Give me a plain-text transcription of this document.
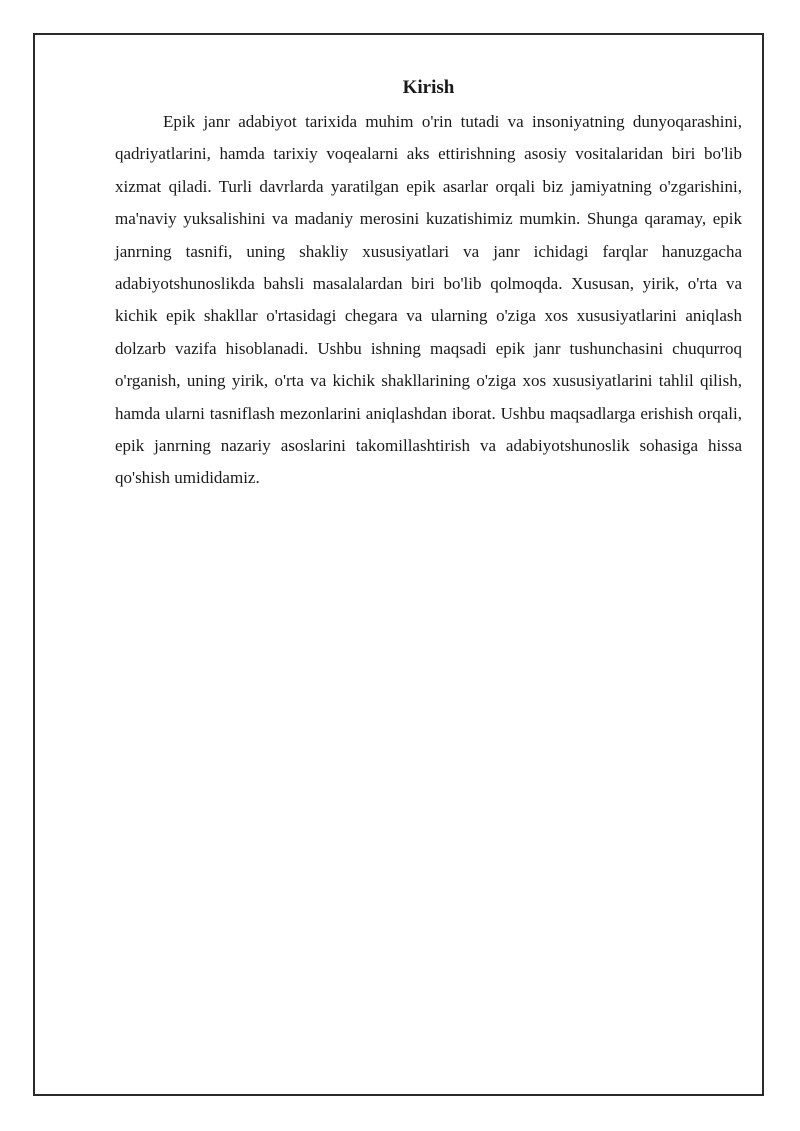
Kirish

Epik janr adabiyot tarixida muhim o'rin tutadi va insoniyatning dunyoqarashini, qadriyatlarini, hamda tarixiy voqealarni aks ettirishning asosiy vositalaridan biri bo'lib xizmat qiladi. Turli davrlarda yaratilgan epik asarlar orqali biz jamiyatning o'zgarishini, ma'naviy yuksalishini va madaniy merosini kuzatishimiz mumkin. Shunga qaramay, epik janrning tasnifi, uning shakliy xususiyatlari va janr ichidagi farqlar hanuzgacha adabiyotshunoslikda bahsli masalalardan biri bo'lib qolmoqda. Xususan, yirik, o'rta va kichik epik shakllar o'rtasidagi chegara va ularning o'ziga xos xususiyatlarini aniqlash dolzarb vazifa hisoblanadi. Ushbu ishning maqsadi epik janr tushunchasini chuqurroq o'rganish, uning yirik, o'rta va kichik shakllarining o'ziga xos xususiyatlarini tahlil qilish, hamda ularni tasniflash mezonlarini aniqlashdan iborat. Ushbu maqsadlarga erishish orqali, epik janrning nazariy asoslarini takomillashtirish va adabiyotshunoslik sohasiga hissa qo'shish umididamiz.
